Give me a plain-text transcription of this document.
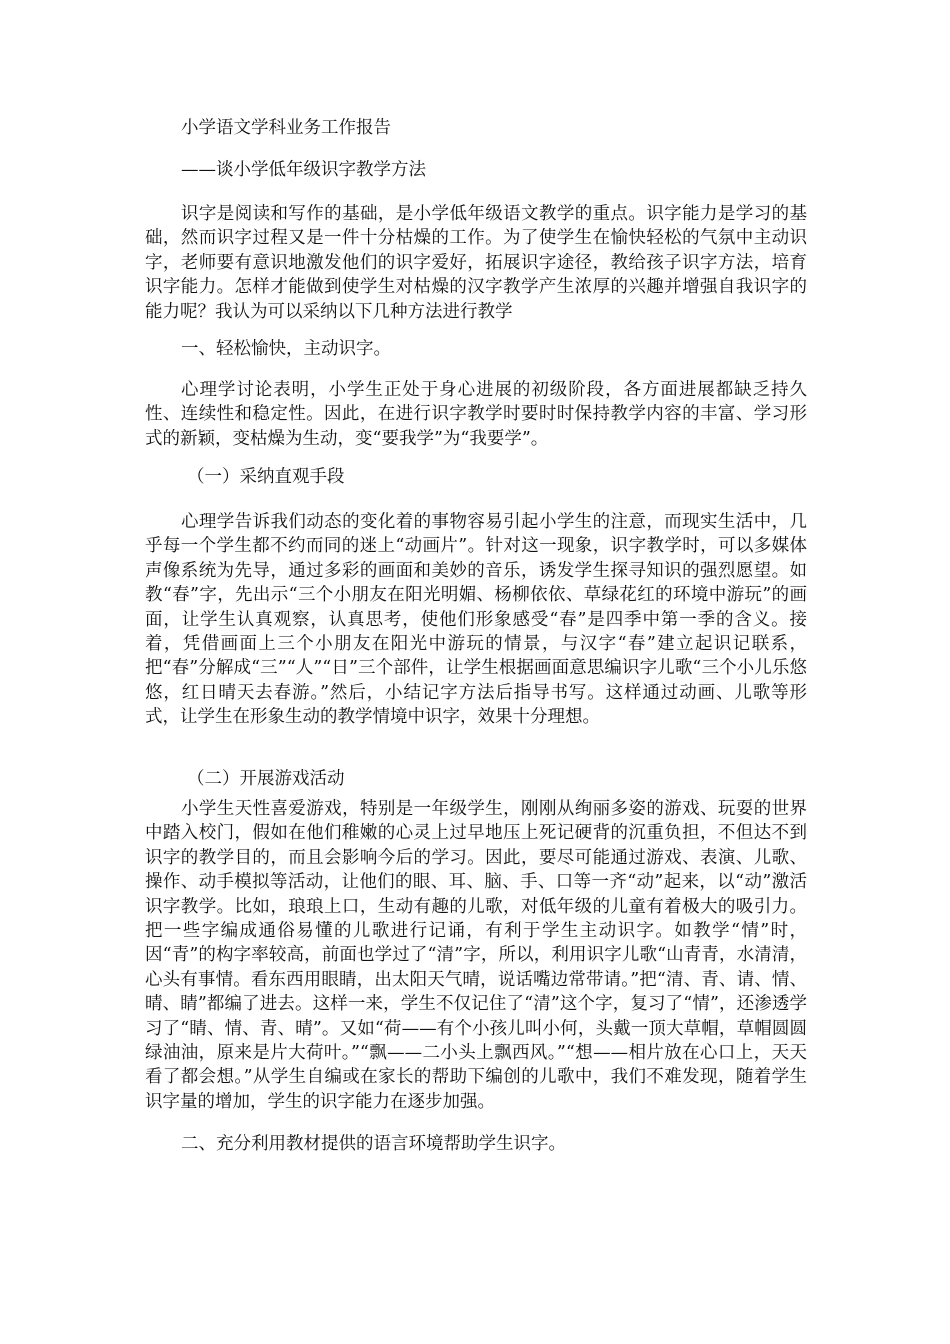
小学语文学科业务工作报告

——谈小学低年级识字教学方法

识字是阅读和写作的基础，是小学低年级语文教学的重点。识字能力是学习的基础，然而识字过程又是一件十分枯燥的工作。为了使学生在愉快轻松的气氛中主动识字，老师要有意识地激发他们的识字爱好，拓展识字途径，教给孩子识字方法，培育识字能力。怎样才能做到使学生对枯燥的汉字教学产生浓厚的兴趣并增强自我识字的能力呢？我认为可以采纳以下几种方法进行教学

一、轻松愉快，主动识字。

心理学讨论表明，小学生正处于身心进展的初级阶段，各方面进展都缺乏持久性、连续性和稳定性。因此，在进行识字教学时要时时保持教学内容的丰富、学习形式的新颖，变枯燥为生动，变“要我学”为“我要学”。

（一）采纳直观手段

心理学告诉我们动态的变化着的事物容易引起小学生的注意，而现实生活中，几乎每一个学生都不约而同的迷上“动画片”。针对这一现象，识字教学时，可以多媒体声像系统为先导，通过多彩的画面和美妙的音乐，诱发学生探寻知识的强烈愿望。如教“春”字，先出示“三个小朋友在阳光明媚、杨柳依依、草绿花红的环境中游玩”的画面，让学生认真观察，认真思考，使他们形象感受“春”是四季中第一季的含义。接着，凭借画面上三个小朋友在阳光中游玩的情景，与汉字“春”建立起识记联系，把“春”分解成“三”“人”“日”三个部件，让学生根据画面意思编识字儿歌“三个小儿乐悠悠，红日晴天去春游。”然后，小结记字方法后指导书写。这样通过动画、儿歌等形式，让学生在形象生动的教学情境中识字，效果十分理想。

（二）开展游戏活动

小学生天性喜爱游戏，特别是一年级学生，刚刚从绚丽多姿的游戏、玩耍的世界中踏入校门，假如在他们稚嫩的心灵上过早地压上死记硬背的沉重负担，不但达不到识字的教学目的，而且会影响今后的学习。因此，要尽可能通过游戏、表演、儿歌、操作、动手模拟等活动，让他们的眼、耳、脑、手、口等一齐“动”起来，以“动”激活识字教学。比如，琅琅上口，生动有趣的儿歌，对低年级的儿童有着极大的吸引力。把一些字编成通俗易懂的儿歌进行记诵，有利于学生主动识字。如教学“情”时，因“青”的构字率较高，前面也学过了“清”字，所以，利用识字儿歌“山青青，水清清，心头有事情。看东西用眼睛，出太阳天气晴，说话嘴边常带请。”把“清、青、请、情、晴、睛”都编了进去。这样一来，学生不仅记住了“清”这个字，复习了“情”，还渗透学习了“睛、情、青、晴”。又如“荷——有个小孩儿叫小何，头戴一顶大草帽，草帽圆圆绿油油，原来是片大荷叶。”“飘——二小头上飘西风。”“想——相片放在心口上，天天看了都会想。”从学生自编或在家长的帮助下编创的儿歌中，我们不难发现，随着学生识字量的增加，学生的识字能力在逐步加强。

二、充分利用教材提供的语言环境帮助学生识字。
